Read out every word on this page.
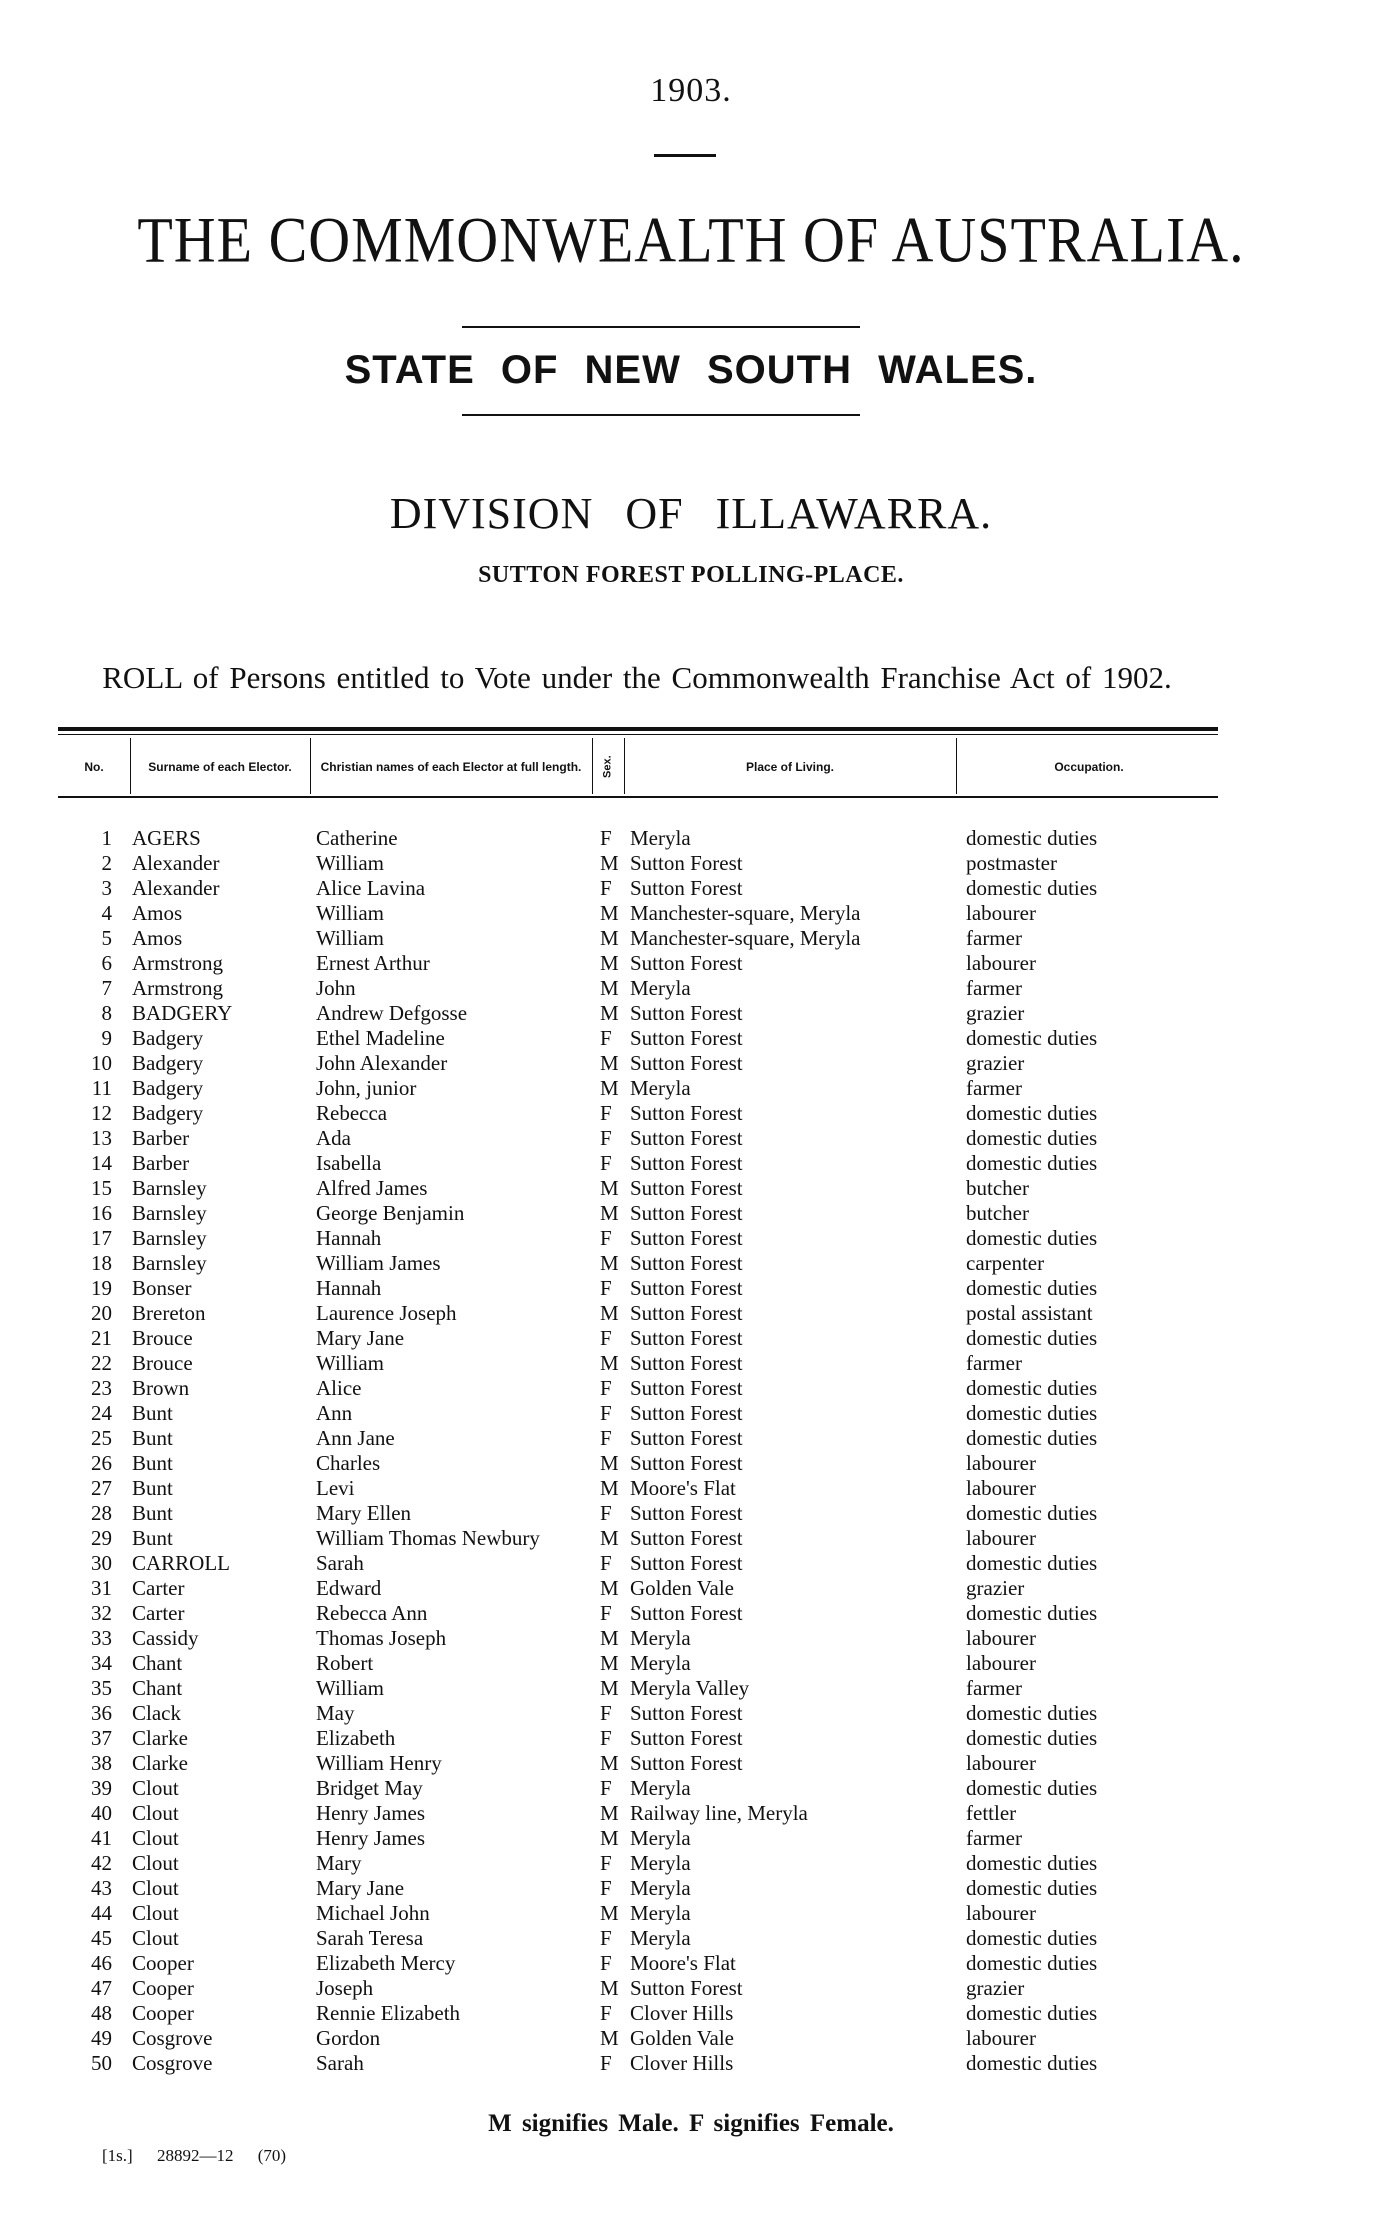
1903.
THE COMMONWEALTH OF AUSTRALIA.
STATE OF NEW SOUTH WALES.
DIVISION OF ILLAWARRA.
SUTTON FOREST POLLING-PLACE.
ROLL of Persons entitled to Vote under the Commonwealth Franchise Act of 1902.
No.	Surname of each Elector.	Christian names of each Elector at full length.	Sex.	Place of Living.	Occupation.
1 AGERS	Catherine	F Meryla	domestic duties
2 Alexander	William	M Sutton Forest	postmaster
3 Alexander	Alice Lavina	F Sutton Forest	domestic duties
4 Amos	William	M Manchester-square, Meryla	labourer
5 Amos	William	M Manchester-square, Meryla	farmer
6 Armstrong	Ernest Arthur	M Sutton Forest	labourer
7 Armstrong	John	M Meryla	farmer
8 BADGERY	Andrew Defgosse	M Sutton Forest	grazier
9 Badgery	Ethel Madeline	F Sutton Forest	domestic duties
10 Badgery	John Alexander	M Sutton Forest	grazier
11 Badgery	John, junior	M Meryla	farmer
12 Badgery	Rebecca	F Sutton Forest	domestic duties
13 Barber	Ada	F Sutton Forest	domestic duties
14 Barber	Isabella	F Sutton Forest	domestic duties
15 Barnsley	Alfred James	M Sutton Forest	butcher
16 Barnsley	George Benjamin	M Sutton Forest	butcher
17 Barnsley	Hannah	F Sutton Forest	domestic duties
18 Barnsley	William James	M Sutton Forest	carpenter
19 Bonser	Hannah	F Sutton Forest	domestic duties
20 Brereton	Laurence Joseph	M Sutton Forest	postal assistant
21 Brouce	Mary Jane	F Sutton Forest	domestic duties
22 Brouce	William	M Sutton Forest	farmer
23 Brown	Alice	F Sutton Forest	domestic duties
24 Bunt	Ann	F Sutton Forest	domestic duties
25 Bunt	Ann Jane	F Sutton Forest	domestic duties
26 Bunt	Charles	M Sutton Forest	labourer
27 Bunt	Levi	M Moore's Flat	labourer
28 Bunt	Mary Ellen	F Sutton Forest	domestic duties
29 Bunt	William Thomas Newbury	M Sutton Forest	labourer
30 CARROLL	Sarah	F Sutton Forest	domestic duties
31 Carter	Edward	M Golden Vale	grazier
32 Carter	Rebecca Ann	F Sutton Forest	domestic duties
33 Cassidy	Thomas Joseph	M Meryla	labourer
34 Chant	Robert	M Meryla	labourer
35 Chant	William	M Meryla Valley	farmer
36 Clack	May	F Sutton Forest	domestic duties
37 Clarke	Elizabeth	F Sutton Forest	domestic duties
38 Clarke	William Henry	M Sutton Forest	labourer
39 Clout	Bridget May	F Meryla	domestic duties
40 Clout	Henry James	M Railway line, Meryla	fettler
41 Clout	Henry James	M Meryla	farmer
42 Clout	Mary	F Meryla	domestic duties
43 Clout	Mary Jane	F Meryla	domestic duties
44 Clout	Michael John	M Meryla	labourer
45 Clout	Sarah Teresa	F Meryla	domestic duties
46 Cooper	Elizabeth Mercy	F Moore's Flat	domestic duties
47 Cooper	Joseph	M Sutton Forest	grazier
48 Cooper	Rennie Elizabeth	F Clover Hills	domestic duties
49 Cosgrove	Gordon	M Golden Vale	labourer
50 Cosgrove	Sarah	F Clover Hills	domestic duties
M signifies Male. F signifies Female.
[1s.] 28892—12 (70)
